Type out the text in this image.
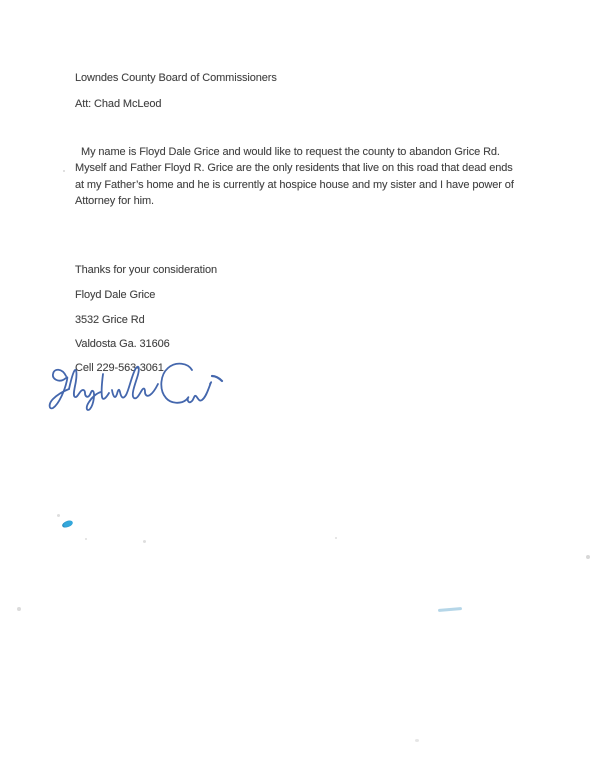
Lowndes County Board of Commissioners
Att: Chad McLeod
My name is Floyd Dale Grice and would like to request the county to abandon Grice Rd.
Myself and Father Floyd R. Grice are the only residents that live on this road that dead ends
at my Father’s home and he is currently at hospice house and my sister and I have power of
Attorney for him.
Thanks for your consideration
Floyd Dale Grice
3532 Grice Rd
Valdosta Ga. 31606
Cell 229-563-3061
